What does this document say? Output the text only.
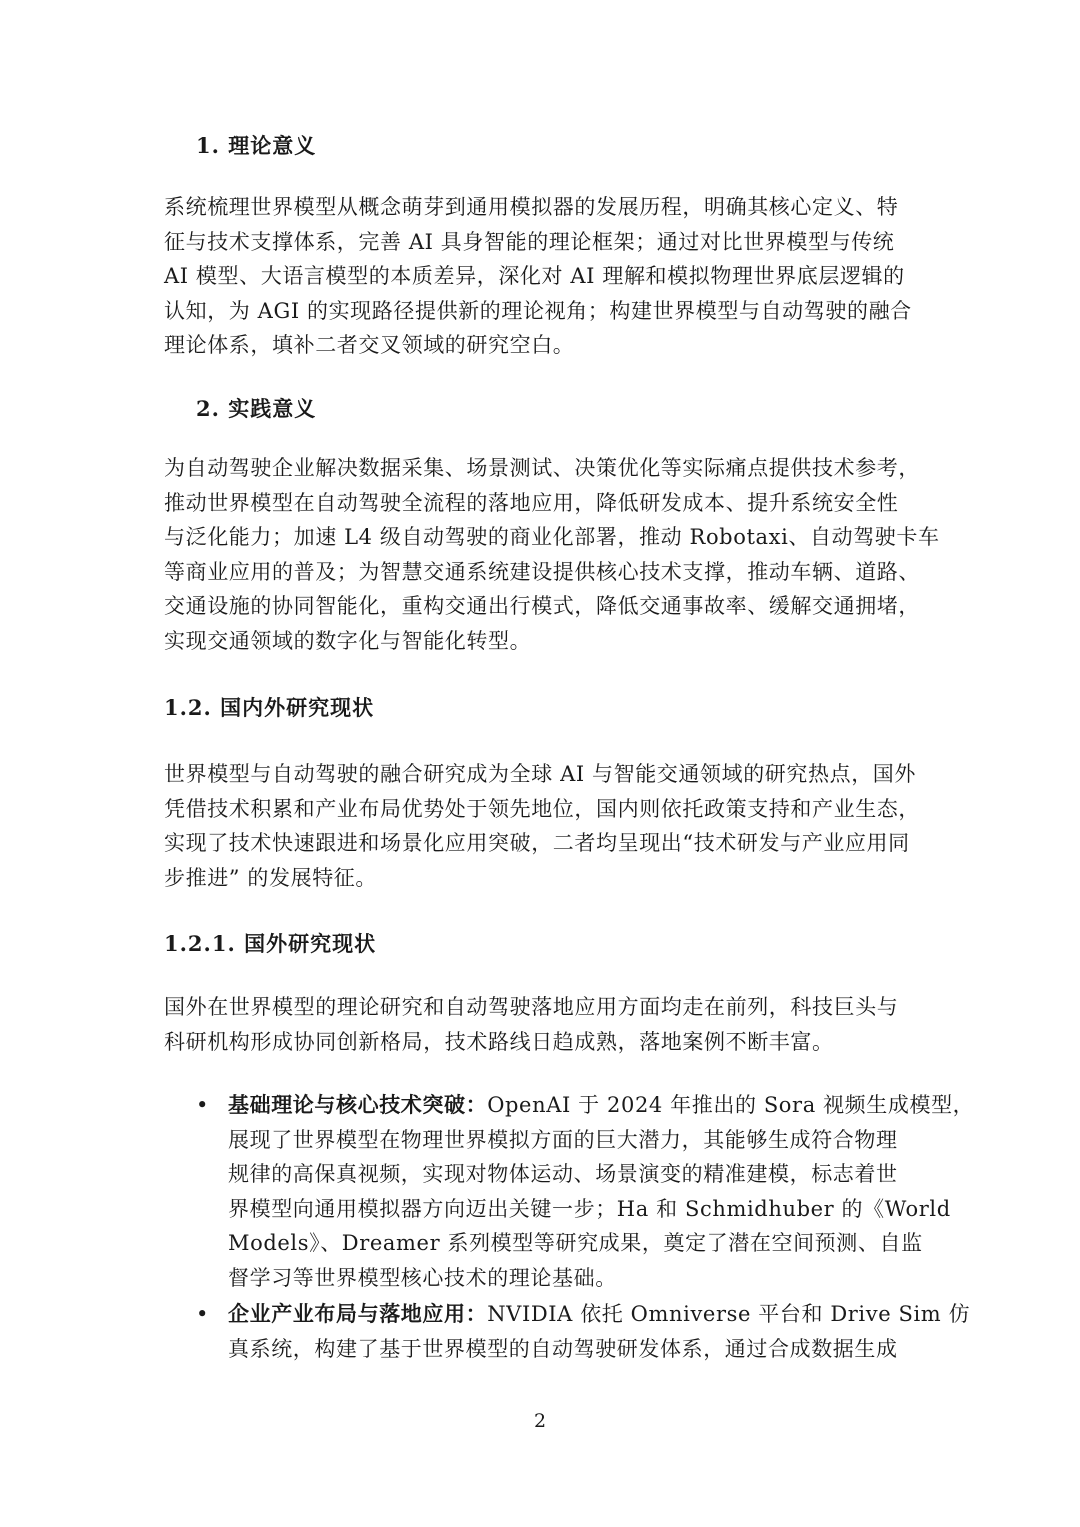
1. 理论意义
系统梳理世界模型从概念萌芽到通用模拟器的发展历程，明确其核心定义、特
征与技术支撑体系，完善 AI 具身智能的理论框架；通过对比世界模型与传统
AI 模型、大语言模型的本质差异，深化对 AI 理解和模拟物理世界底层逻辑的
认知，为 AGI 的实现路径提供新的理论视角；构建世界模型与自动驾驶的融合
理论体系，填补二者交叉领域的研究空白。
2. 实践意义
为自动驾驶企业解决数据采集、场景测试、决策优化等实际痛点提供技术参考，
推动世界模型在自动驾驶全流程的落地应用，降低研发成本、提升系统安全性
与泛化能力；加速 L4 级自动驾驶的商业化部署，推动 Robotaxi、自动驾驶卡车
等商业应用的普及；为智慧交通系统建设提供核心技术支撑，推动车辆、道路、
交通设施的协同智能化，重构交通出行模式，降低交通事故率、缓解交通拥堵，
实现交通领域的数字化与智能化转型。
1.2. 国内外研究现状
世界模型与自动驾驶的融合研究成为全球 AI 与智能交通领域的研究热点，国外
凭借技术积累和产业布局优势处于领先地位，国内则依托政策支持和产业生态，
实现了技术快速跟进和场景化应用突破，二者均呈现出“技术研发与产业应用同
步推进” 的发展特征。
1.2.1. 国外研究现状
国外在世界模型的理论研究和自动驾驶落地应用方面均走在前列，科技巨头与
科研机构形成协同创新格局，技术路线日趋成熟，落地案例不断丰富。
• 基础理论与核心技术突破：OpenAI 于 2024 年推出的 Sora 视频生成模型，
展现了世界模型在物理世界模拟方面的巨大潜力，其能够生成符合物理
规律的高保真视频，实现对物体运动、场景演变的精准建模，标志着世
界模型向通用模拟器方向迈出关键一步；Ha 和 Schmidhuber 的《World
Models》、Dreamer 系列模型等研究成果，奠定了潜在空间预测、自监
督学习等世界模型核心技术的理论基础。
• 企业产业布局与落地应用：NVIDIA 依托 Omniverse 平台和 Drive Sim 仿
真系统，构建了基于世界模型的自动驾驶研发体系，通过合成数据生成
2
